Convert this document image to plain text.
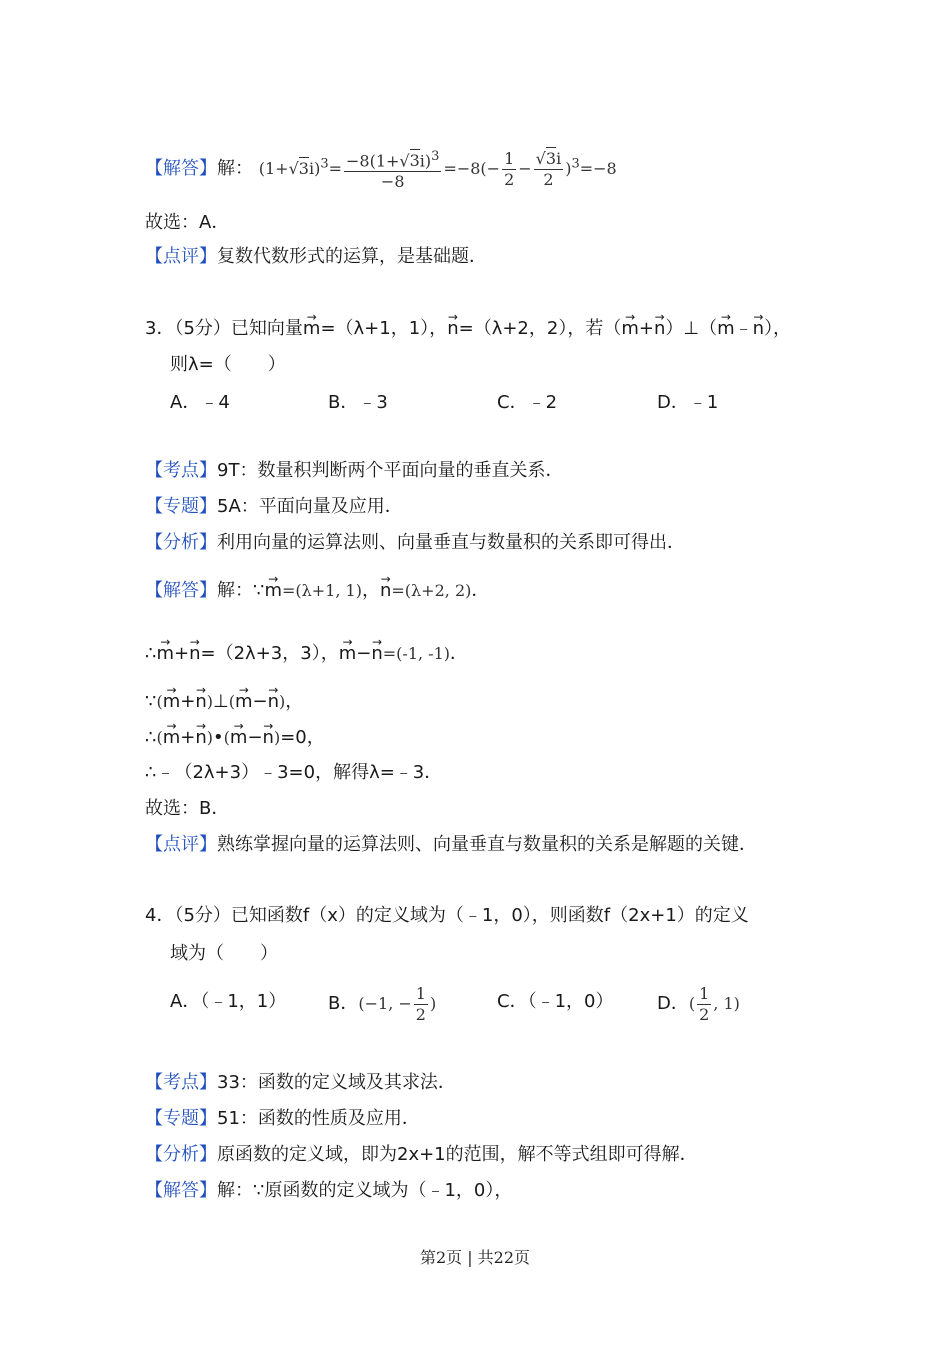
【解答】解： $(1+√3i)^3= \frac{-8(1+√3i)^3}{-8} =-8(- \frac{1}{2} - \frac{√3i}{2} )^3=-8$
故选：A．
【点评】复数代数形式的运算，是基础题．
3．（5分）已知向量→ m=（λ+1，1），→ n=（λ+2，2），若（→ m+→ n）⊥（→ m﹣→ n），
则λ=（　　）
A．﹣4	B．﹣3	C．﹣2	D．﹣1
【考点】9T：数量积判断两个平面向量的垂直关系．
【专题】5A：平面向量及应用．
【分析】利用向量的运算法则、向量垂直与数量积的关系即可得出．
【解答】解：∵→ m=(λ+1, 1)，→ n=(λ+2, 2)．
∴→ m+→ n=（2λ+3，3），→ m−→ n=(-1, -1)．
∵(→ m+→ n)⊥(→ m−→ n)，
∴(→ m+→ n)•(→ m−→ n)=0，
∴﹣（2λ+3）﹣3=0，解得λ=﹣3．
故选：B．
【点评】熟练掌握向量的运算法则、向量垂直与数量积的关系是解题的关键．
4．（5分）已知函数f（x）的定义域为（﹣1，0），则函数f（2x+1）的定义
域为（　　）
A．（﹣1，1） B．(−1, − $\frac{1}{2}$ )	C．（﹣1，0） D．( $\frac{1}{2}$ , 1)
【考点】33：函数的定义域及其求法．
【专题】51：函数的性质及应用．
【分析】原函数的定义域，即为2x+1的范围，解不等式组即可得解．
【解答】解：∵原函数的定义域为（﹣1，0），
第2页 | 共22页
